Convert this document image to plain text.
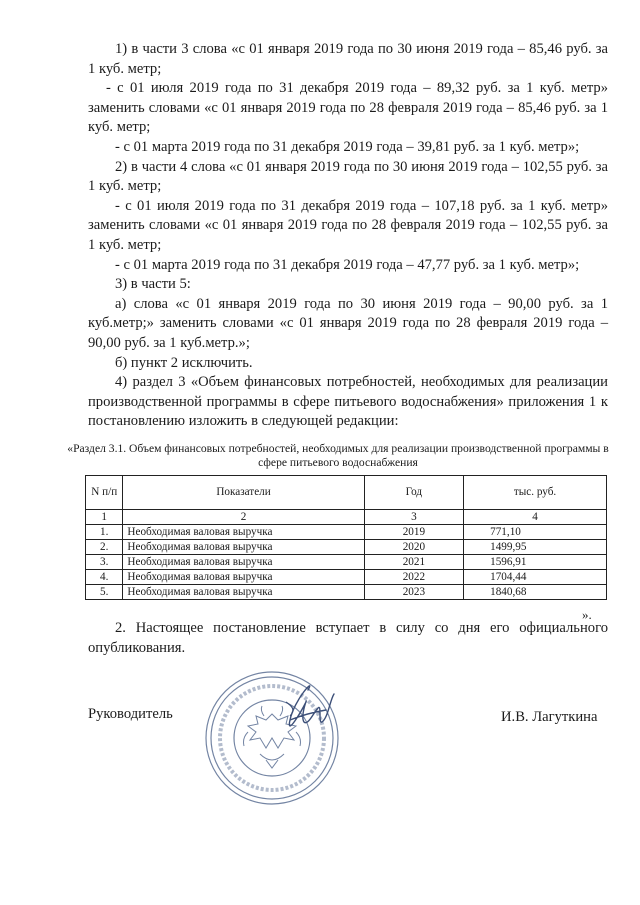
1) в части 3 слова «с 01 января 2019 года по 30 июня 2019 года – 85,46 руб. за 1 куб. метр;

- с 01 июля 2019 года по 31 декабря 2019 года – 89,32 руб. за 1 куб. метр» заменить словами «с 01 января 2019 года по 28 февраля 2019 года – 85,46 руб. за 1 куб. метр;

- с 01 марта 2019 года по 31 декабря 2019 года – 39,81 руб. за 1 куб. метр»;

2) в части 4 слова «с 01 января 2019 года по 30 июня 2019 года – 102,55 руб. за 1 куб. метр;

- с 01 июля 2019 года по 31 декабря 2019 года – 107,18 руб. за 1 куб. метр» заменить словами «с 01 января 2019 года по 28 февраля 2019 года – 102,55 руб. за 1 куб. метр;

- с 01 марта 2019 года по 31 декабря 2019 года – 47,77 руб. за 1 куб. метр»;

3) в части 5:

а) слова «с 01 января 2019 года по 30 июня 2019 года – 90,00 руб. за 1 куб.метр;» заменить словами «с 01 января 2019 года по 28 февраля 2019 года – 90,00 руб. за 1 куб.метр.»;

б) пункт 2 исключить.

4) раздел 3 «Объем финансовых потребностей, необходимых для реализации производственной программы в сфере питьевого водоснабжения» приложения 1 к постановлению изложить в следующей редакции:

«Раздел 3.1. Объем финансовых потребностей, необходимых для реализации производственной программы в сфере питьевого водоснабжения
N п/п	Показатели	Год	тыс. руб.
1	2	3	4
1.	Необходимая валовая выручка	2019	771,10
2.	Необходимая валовая выручка	2020	1499,95
3.	Необходимая валовая выручка	2021	1596,91
4.	Необходимая валовая выручка	2022	1704,44
5.	Необходимая валовая выручка	2023	1840,68
».

2. Настоящее постановление вступает в силу со дня его официального опубликования.

Руководитель	И.В. Лагуткина
